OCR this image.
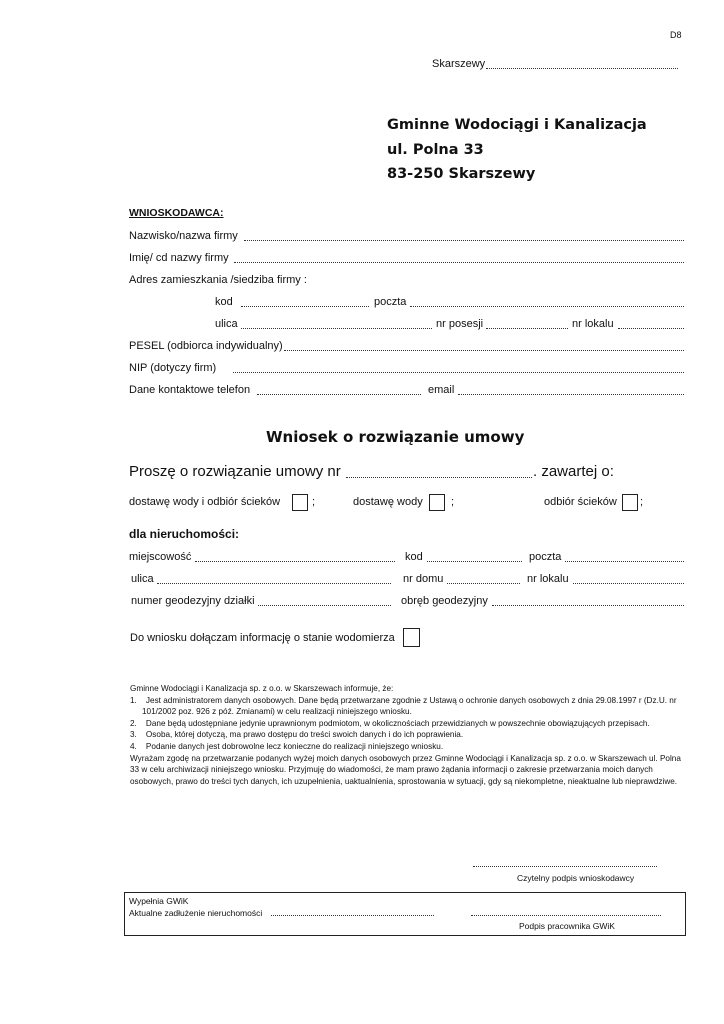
D8
Skarszewy
Gminne Wodociągi i Kanalizacja
ul. Polna 33
83-250 Skarszewy
WNIOSKODAWCA:
Nazwisko/nazwa firmy
Imię/ cd nazwy firmy
Adres zamieszkania /siedziba firmy :
kod	poczta
ulica	nr posesji	nr lokalu
PESEL (odbiorca indywidualny)
NIP (dotyczy firm)
Dane kontaktowe telefon	email
Wniosek o rozwiązanie umowy
Proszę o rozwiązanie umowy nr	. zawartej o:
dostawę wody i odbiór ścieków	;	dostawę wody	;	odbiór ścieków ;
dla nieruchomości:
miejscowość	kod	poczta
ulica	nr domu	nr lokalu
numer geodezyjny działki	obręb geodezyjny
Do wniosku dołączam informację o stanie wodomierza

Gminne Wodociągi i Kanalizacja sp. z o.o. w Skarszewach informuje, że:

1.    Jest administratorem danych osobowych. Dane będą przetwarzane zgodnie z Ustawą o ochronie danych osobowych z dnia 29.08.1997 r (Dz.U. nr 101/2002 poz. 926 z póź. Zmianami) w celu realizacji niniejszego wniosku.

2.    Dane będą udostępniane jedynie uprawnionym podmiotom, w okolicznościach przewidzianych w powszechnie obowiązujących przepisach.

3.    Osoba, której dotyczą, ma prawo dostępu do treści swoich danych i do ich poprawienia.

4.    Podanie danych jest dobrowolne lecz konieczne do realizacji niniejszego wniosku.

Wyrażam zgodę na przetwarzanie podanych wyżej moich danych osobowych przez Gminne Wodociągi i Kanalizacja sp. z o.o. w Skarszewach ul. Polna 33 w celu archiwizacji niniejszego wniosku. Przyjmuję do wiadomości, że mam prawo żądania informacji o zakresie przetwarzania moich danych osobowych, prawo do treści tych danych, ich uzupełnienia, uaktualnienia, sprostowania w sytuacji, gdy są niekompletne, nieaktualne lub nieprawdziwe.

Czytelny podpis wnioskodawcy
Wypełnia GWiK
Aktualne zadłużenie nieruchomości
Podpis pracownika GWiK
